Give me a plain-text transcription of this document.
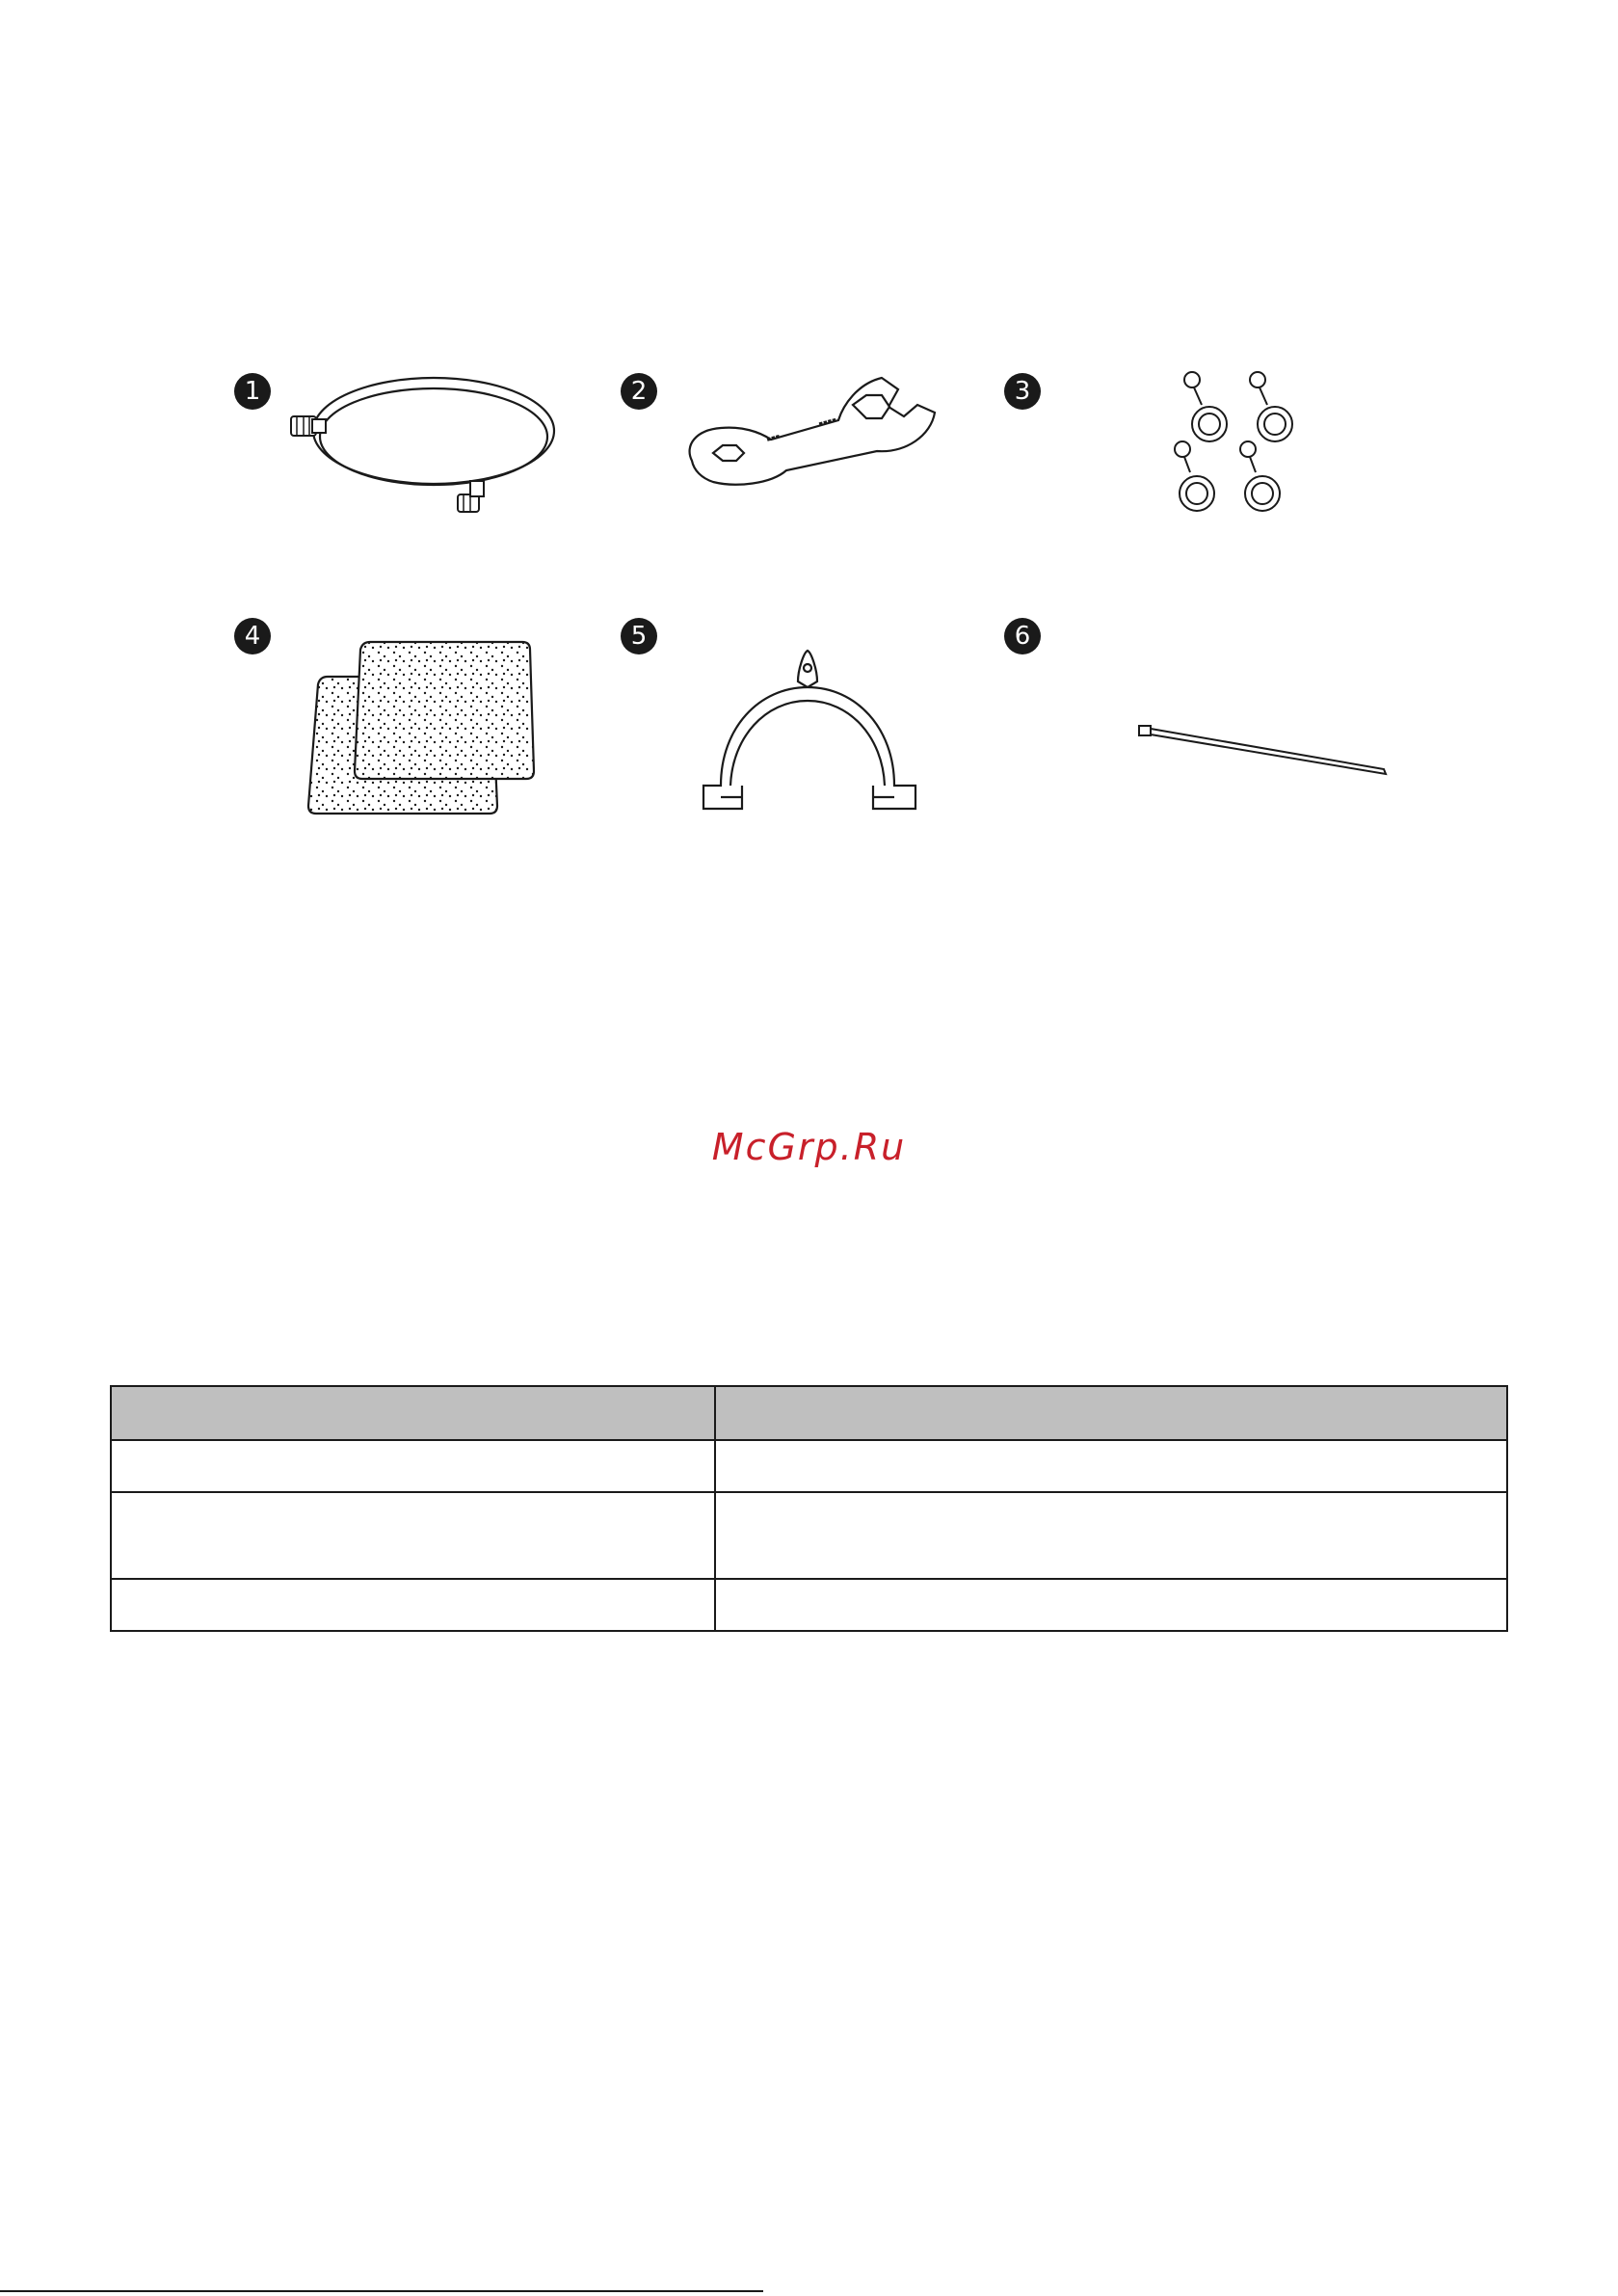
1	2
▪▪▪
▪▪▪▪
3
4	5	6
McGrp.Ru
